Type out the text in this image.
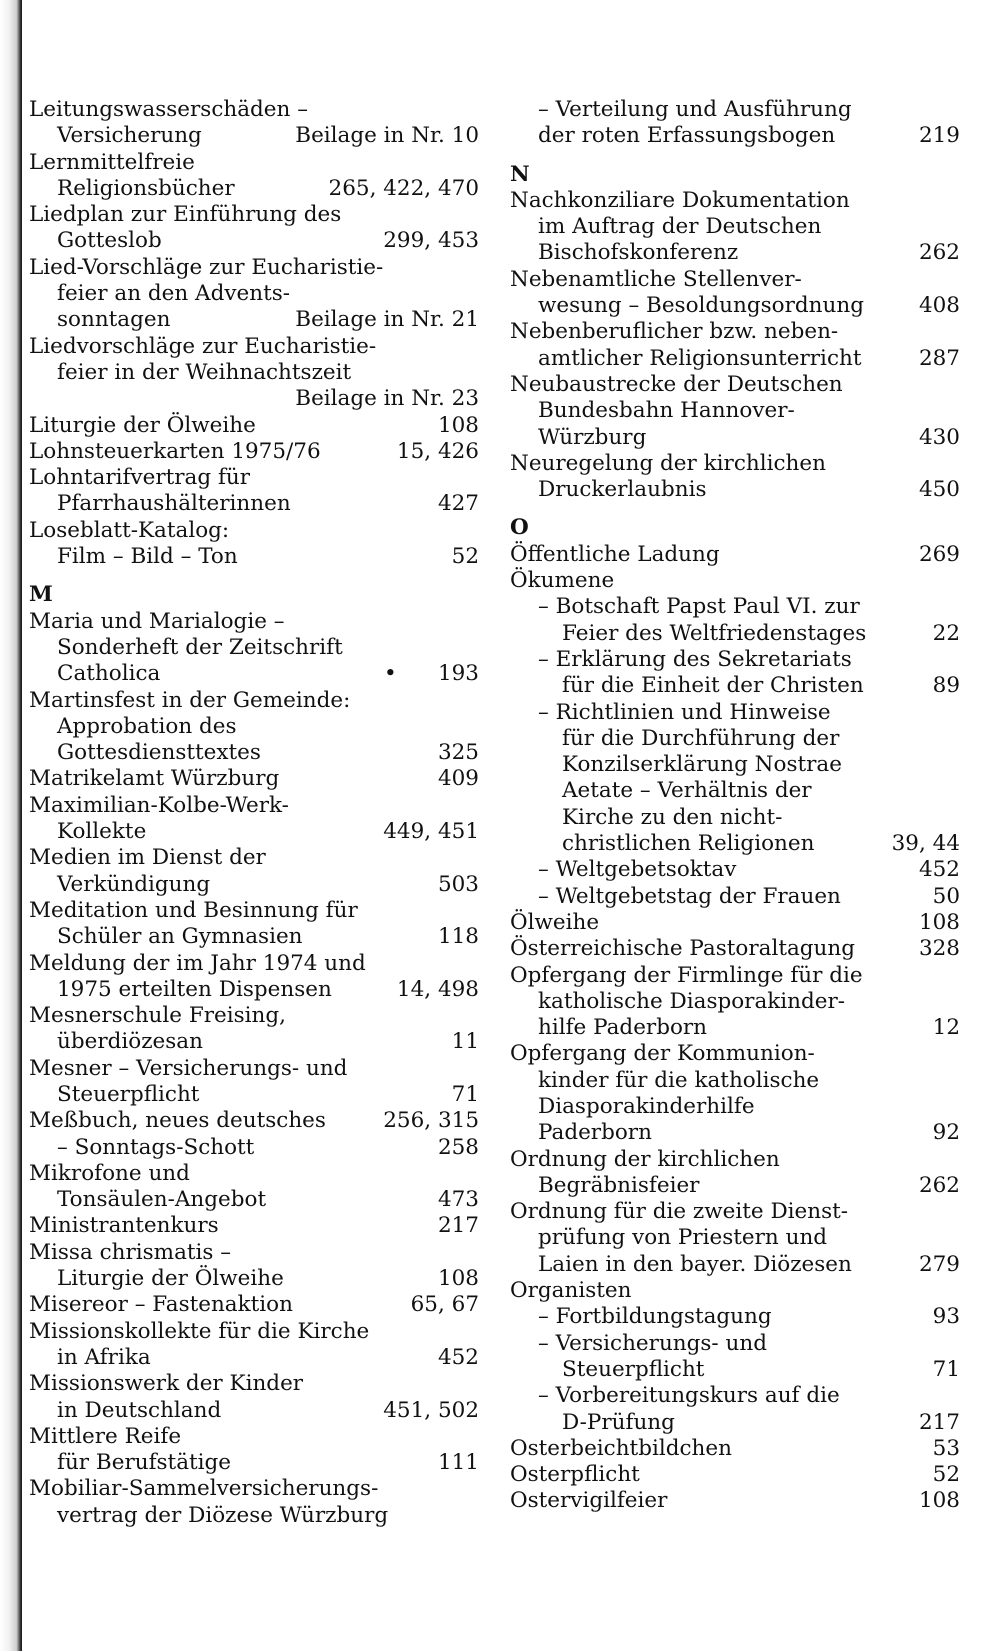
Leitungswasserschäden –
Versicherung	Beilage in Nr. 10
Lernmittelfreie
Religionsbücher	265, 422, 470
Liedplan zur Einführung des
Gotteslob	299, 453
Lied-Vorschläge zur Eucharistie-
feier an den Advents-
sonntagen	Beilage in Nr. 21
Liedvorschläge zur Eucharistie-
feier in der Weihnachtszeit

Beilage in Nr. 23
Liturgie der Ölweihe	108
Lohnsteuerkarten 1975/76	15, 426
Lohntarifvertrag für
Pfarrhaushälterinnen	427
Loseblatt-Katalog:
Film – Bild – Ton	52
M
Maria und Marialogie –
Sonderheft der Zeitschrift
Catholica	• 193
Martinsfest in der Gemeinde:
Approbation des
Gottesdiensttextes	325
Matrikelamt Würzburg	409
Maximilian-Kolbe-Werk-
Kollekte	449, 451
Medien im Dienst der
Verkündigung	503
Meditation und Besinnung für
Schüler an Gymnasien	118
Meldung der im Jahr 1974 und
1975 erteilten Dispensen	14, 498
Mesnerschule Freising,
überdiözesan	11
Mesner – Versicherungs- und
Steuerpflicht	71
Meßbuch, neues deutsches	256, 315
– Sonntags-Schott	258
Mikrofone und
Tonsäulen-Angebot	473
Ministrantenkurs	217
Missa chrismatis –
Liturgie der Ölweihe	108
Misereor – Fastenaktion	65, 67
Missionskollekte für die Kirche
in Afrika	452
Missionswerk der Kinder
in Deutschland	451, 502
Mittlere Reife
für Berufstätige	111
Mobiliar-Sammelversicherungs-
vertrag der Diözese Würzburg
– Verteilung und Ausführung
der roten Erfassungsbogen	219
N
Nachkonziliare Dokumentation
im Auftrag der Deutschen
Bischofskonferenz	262
Nebenamtliche Stellenver-
wesung – Besoldungsordnung	408
Nebenberuflicher bzw. neben-
amtlicher Religionsunterricht	287
Neubaustrecke der Deutschen
Bundesbahn Hannover-
Würzburg	430
Neuregelung der kirchlichen
Druckerlaubnis	450
O
Öffentliche Ladung	269
Ökumene
– Botschaft Papst Paul VI. zur
Feier des Weltfriedenstages	22
– Erklärung des Sekretariats
für die Einheit der Christen	89
– Richtlinien und Hinweise
für die Durchführung der
Konzilserklärung Nostrae
Aetate – Verhältnis der
Kirche zu den nicht-
christlichen Religionen	39, 44
– Weltgebetsoktav	452
– Weltgebetstag der Frauen	50
Ölweihe	108
Österreichische Pastoraltagung	328
Opfergang der Firmlinge für die
katholische Diasporakinder-
hilfe Paderborn	12
Opfergang der Kommunion-
kinder für die katholische
Diasporakinderhilfe
Paderborn	92
Ordnung der kirchlichen
Begräbnisfeier	262
Ordnung für die zweite Dienst-
prüfung von Priestern und
Laien in den bayer. Diözesen	279
Organisten
– Fortbildungstagung	93
– Versicherungs- und
Steuerpflicht	71
– Vorbereitungskurs auf die
D-Prüfung	217
Osterbeichtbildchen	53
Osterpflicht	52
Ostervigilfeier	108
